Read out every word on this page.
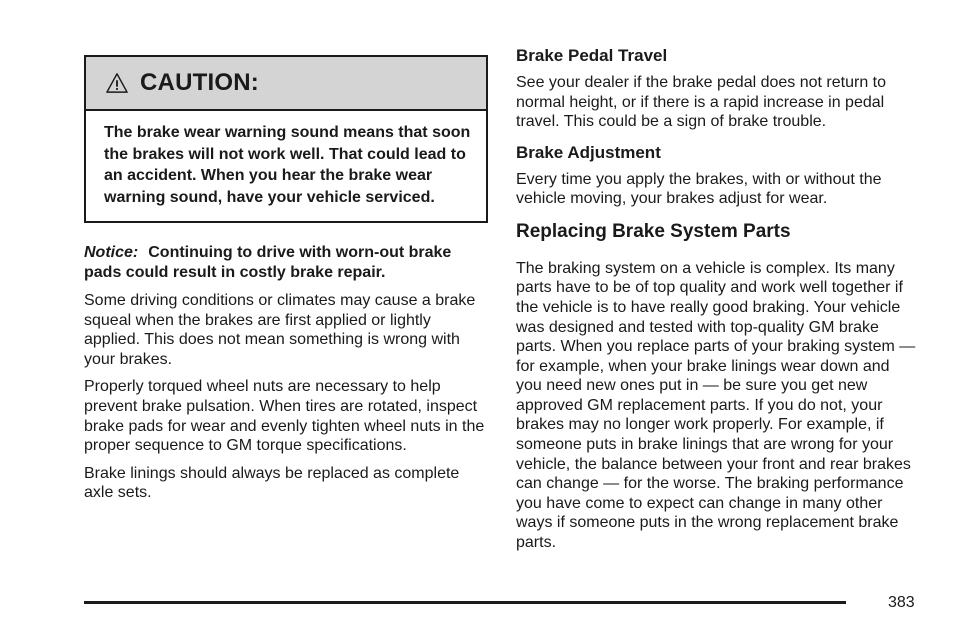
CAUTION:
The brake wear warning sound means that soon the brakes will not work well. That could lead to an accident. When you hear the brake wear warning sound, have your vehicle serviced.
Notice: Continuing to drive with worn-out brake pads could result in costly brake repair.

Some driving conditions or climates may cause a brake squeal when the brakes are first applied or lightly applied. This does not mean something is wrong with your brakes.

Properly torqued wheel nuts are necessary to help prevent brake pulsation. When tires are rotated, inspect brake pads for wear and evenly tighten wheel nuts in the proper sequence to GM torque specifications.

Brake linings should always be replaced as complete axle sets.

Brake Pedal Travel

See your dealer if the brake pedal does not return to normal height, or if there is a rapid increase in pedal travel. This could be a sign of brake trouble.

Brake Adjustment

Every time you apply the brakes, with or without the vehicle moving, your brakes adjust for wear.

Replacing Brake System Parts

The braking system on a vehicle is complex. Its many parts have to be of top quality and work well together if the vehicle is to have really good braking. Your vehicle was designed and tested with top-quality GM brake parts. When you replace parts of your braking system — for example, when your brake linings wear down and you need new ones put in — be sure you get new approved GM replacement parts. If you do not, your brakes may no longer work properly. For example, if someone puts in brake linings that are wrong for your vehicle, the balance between your front and rear brakes can change — for the worse. The braking performance you have come to expect can change in many other ways if someone puts in the wrong replacement brake parts.

383
